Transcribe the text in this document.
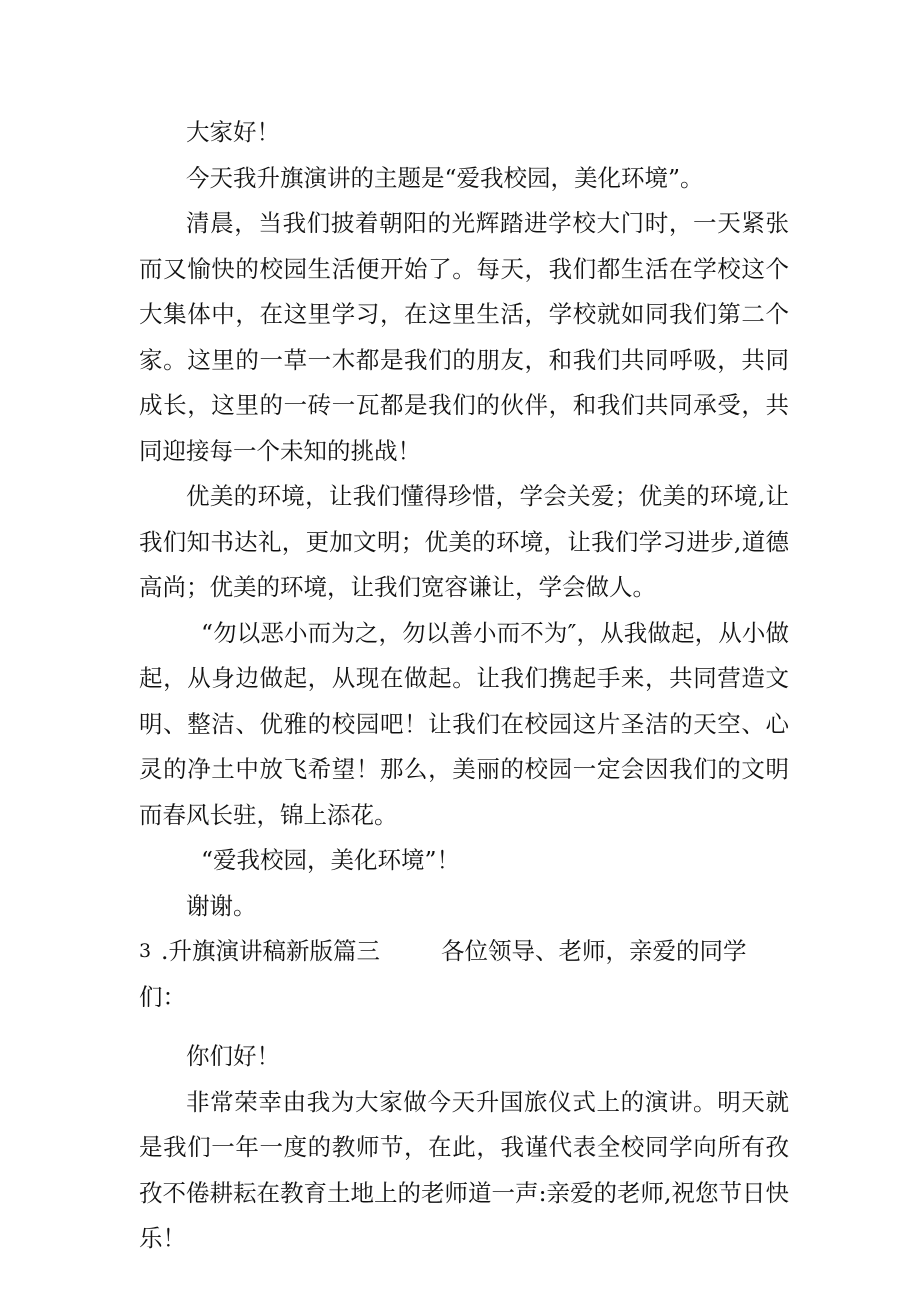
大家好！

今天我升旗演讲的主题是“爱我校园，美化环境”。

清晨，当我们披着朝阳的光辉踏进学校大门时，一天紧张而又愉快的校园生活便开始了。每天，我们都生活在学校这个大集体中，在这里学习，在这里生活，学校就如同我们第二个家。这里的一草一木都是我们的朋友，和我们共同呼吸，共同成长，这里的一砖一瓦都是我们的伙伴，和我们共同承受，共同迎接每一个未知的挑战！

优美的环境，让我们懂得珍惜，学会关爱；优美的环境,让我们知书达礼，更加文明；优美的环境，让我们学习进步,道德高尚；优美的环境，让我们宽容谦让，学会做人。

“勿以恶小而为之，勿以善小而不为″，从我做起，从小做起，从身边做起，从现在做起。让我们携起手来，共同营造文明、整洁、优雅的校园吧！让我们在校园这片圣洁的天空、心灵的净土中放飞希望！那么，美丽的校园一定会因我们的文明而春风长驻，锦上添花。

“爱我校园，美化环境”！

谢谢。

3 .升旗演讲稿新版篇三	各位领导、老师，亲爱的同学

们：

你们好！

非常荣幸由我为大家做今天升国旅仪式上的演讲。明天就是我们一年一度的教师节，在此，我谨代表全校同学向所有孜孜不倦耕耘在教育土地上的老师道一声:亲爱的老师,祝您节日快乐！
